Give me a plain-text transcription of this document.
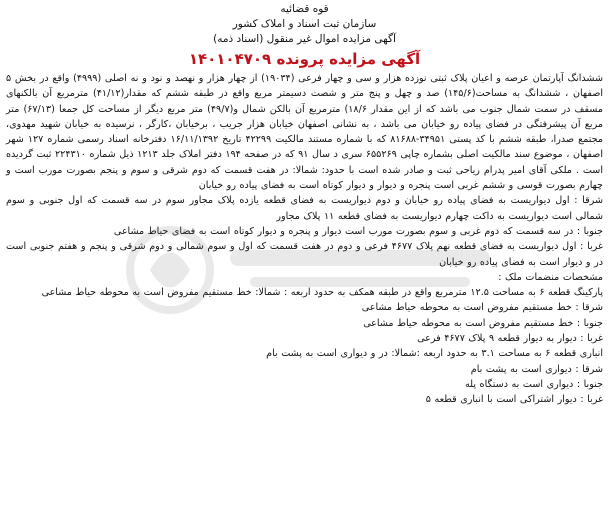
قوه قضائیه
سازمان ثبت اسناد و املاک کشور
آگهی مزایده اموال غیر منقول (اسناد ذمه)
آگهی مزایده پرونده ۱۴۰۱۰۴۷۰۹

ششدانگ آپارتمان عرصه و اعیان پلاک ثبتی نوزده هزار و سی و چهار فرعی (۱۹۰۳۴) از چهار هزار و نهصد و نود و نه اصلی (۴۹۹۹) واقع در بخش ۵ اصفهان ، ششدانگ به مساحت(۱۴۵/۶) صد و چهل و پنج متر و شصت دسیمتر مربع واقع در طبقه ششم که مقدار(۴۱/۱۲) مترمربع آن بالکنهای مسقف در سمت شمال جنوب می باشد که از این مقدار ۱۸/۶) مترمربع آن بالکن شمال و(۴۹/۷) متر مربع دیگر از مساحت کل جمعا (۶۷/۱۳) متر مربع آن پیشرفتگی در فضای پیاده رو خیابان می باشد ، به نشانی اصفهان خیابان هزار جریب ، برخیابان ،کارگر ، نرسیده به خیابان شهید مهدوی، مجتمع صدرا، طبقه ششم با کد پستی ۳۴۹۵۱-۸۱۶۸۸ که با شماره مستند مالکیت ۴۲۲۹۹ تاریخ ۱۶/۱۱/۱۳۹۲ دفترخانه اسناد رسمی شماره ۱۲۷ شهر اصفهان ، موضوع سند مالکیت اصلی بشماره چاپی ۶۵۵۲۶۹ سری د سال ۹۱ که در صفحه ۱۹۴ دفتر املاک جلد ۱۲۱۳ ذیل شماره ۲۲۴۳۱۰ ثبت گردیده است . ملکی آقای امیر پدرام ریاحی ثبت و صادر شده است با حدود: شمالا: در هفت قسمت که دوم شرقی و سوم و پنجم بصورت مورب است و چهارم بصورت قوسی و ششم غربی است پنجره و دیوار و دیوار کوتاه است به فضای پیاده رو خیابان

شرقا : اول دیواریست به فضای پیاده رو خیابان و دوم دیواریست به فضای قطعه یازده پلاک مجاور سوم در سه قسمت که اول جنوبی و سوم شمالی است دیواریست به داکت چهارم دیواریست به فضای قطعه ۱۱ پلاک مجاور

جنوبا : در سه قسمت که دوم غربی و سوم بصورت مورب است دیوار و پنجره و دیوار کوتاه است به فضای حیاط مشاعی

غربا : اول دیواریست به فضای قطعه نهم پلاک ۴۶۷۷ فرعی و دوم در هفت قسمت که اول و سوم شمالی و دوم شرقی و پنجم و هفتم جنوبی است در و دیوار است به فضای پیاده رو خیابان

مشخصات منضمات ملک :

پارکینگ قطعه ۶ به مساحت ۱۲.۵ مترمربع واقع در طبقه همکف به حدود اربعه : شمالا: خط مستقیم مفروض است به محوطه حیاط مشاعی

شرقا : خط مستقیم مفروض است به محوطه حیاط مشاعی

جنوبا : خط مستقیم مفروض است به محوطه حیاط مشاعی

غربا : دیوار به دیوار قطعه ۹ پلاک ۴۶۷۷ فرعی

انباری قطعه ۶ به مساحت ۳.۱ به حدود اربعه :شمالا: در و دیواری است به پشت بام

شرقا : دیواری است به پشت بام

جنوبا : دیواری است به دستگاه پله

غربا : دیوار اشتراکی است با انباری قطعه ۵
